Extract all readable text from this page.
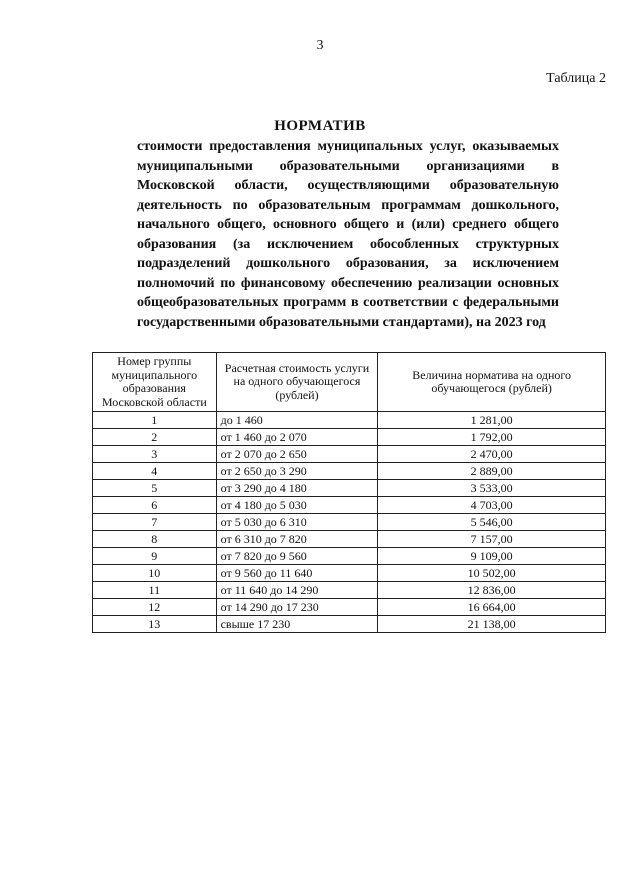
3
Таблица 2
НОРМАТИВ

стоимости предоставления муниципальных услуг, оказываемых муниципальными образовательными организациями в Московской области, осуществляющими образовательную деятельность по образовательным программам дошкольного, начального общего, основного общего и (или) среднего общего образования (за исключением обособленных структурных подразделений дошкольного образования, за исключением полномочий по финансовому обеспечению реализации основных общеобразовательных программ в соответствии с федеральными государственными образовательными стандартами), на 2023 год

Номер группы муниципального образования Московской области	Расчетная стоимость услуги на одного обучающегося (рублей)	Величина норматива на одного обучающегося (рублей)
1	до 1 460	1 281,00
2	от 1 460 до 2 070	1 792,00
3	от 2 070 до 2 650	2 470,00
4	от 2 650 до 3 290	2 889,00
5	от 3 290 до 4 180	3 533,00
6	от 4 180 до 5 030	4 703,00
7	от 5 030 до 6 310	5 546,00
8	от 6 310 до 7 820	7 157,00
9	от 7 820 до 9 560	9 109,00
10	от 9 560 до 11 640	10 502,00
11	от 11 640 до 14 290	12 836,00
12	от 14 290 до 17 230	16 664,00
13	свыше 17 230	21 138,00
